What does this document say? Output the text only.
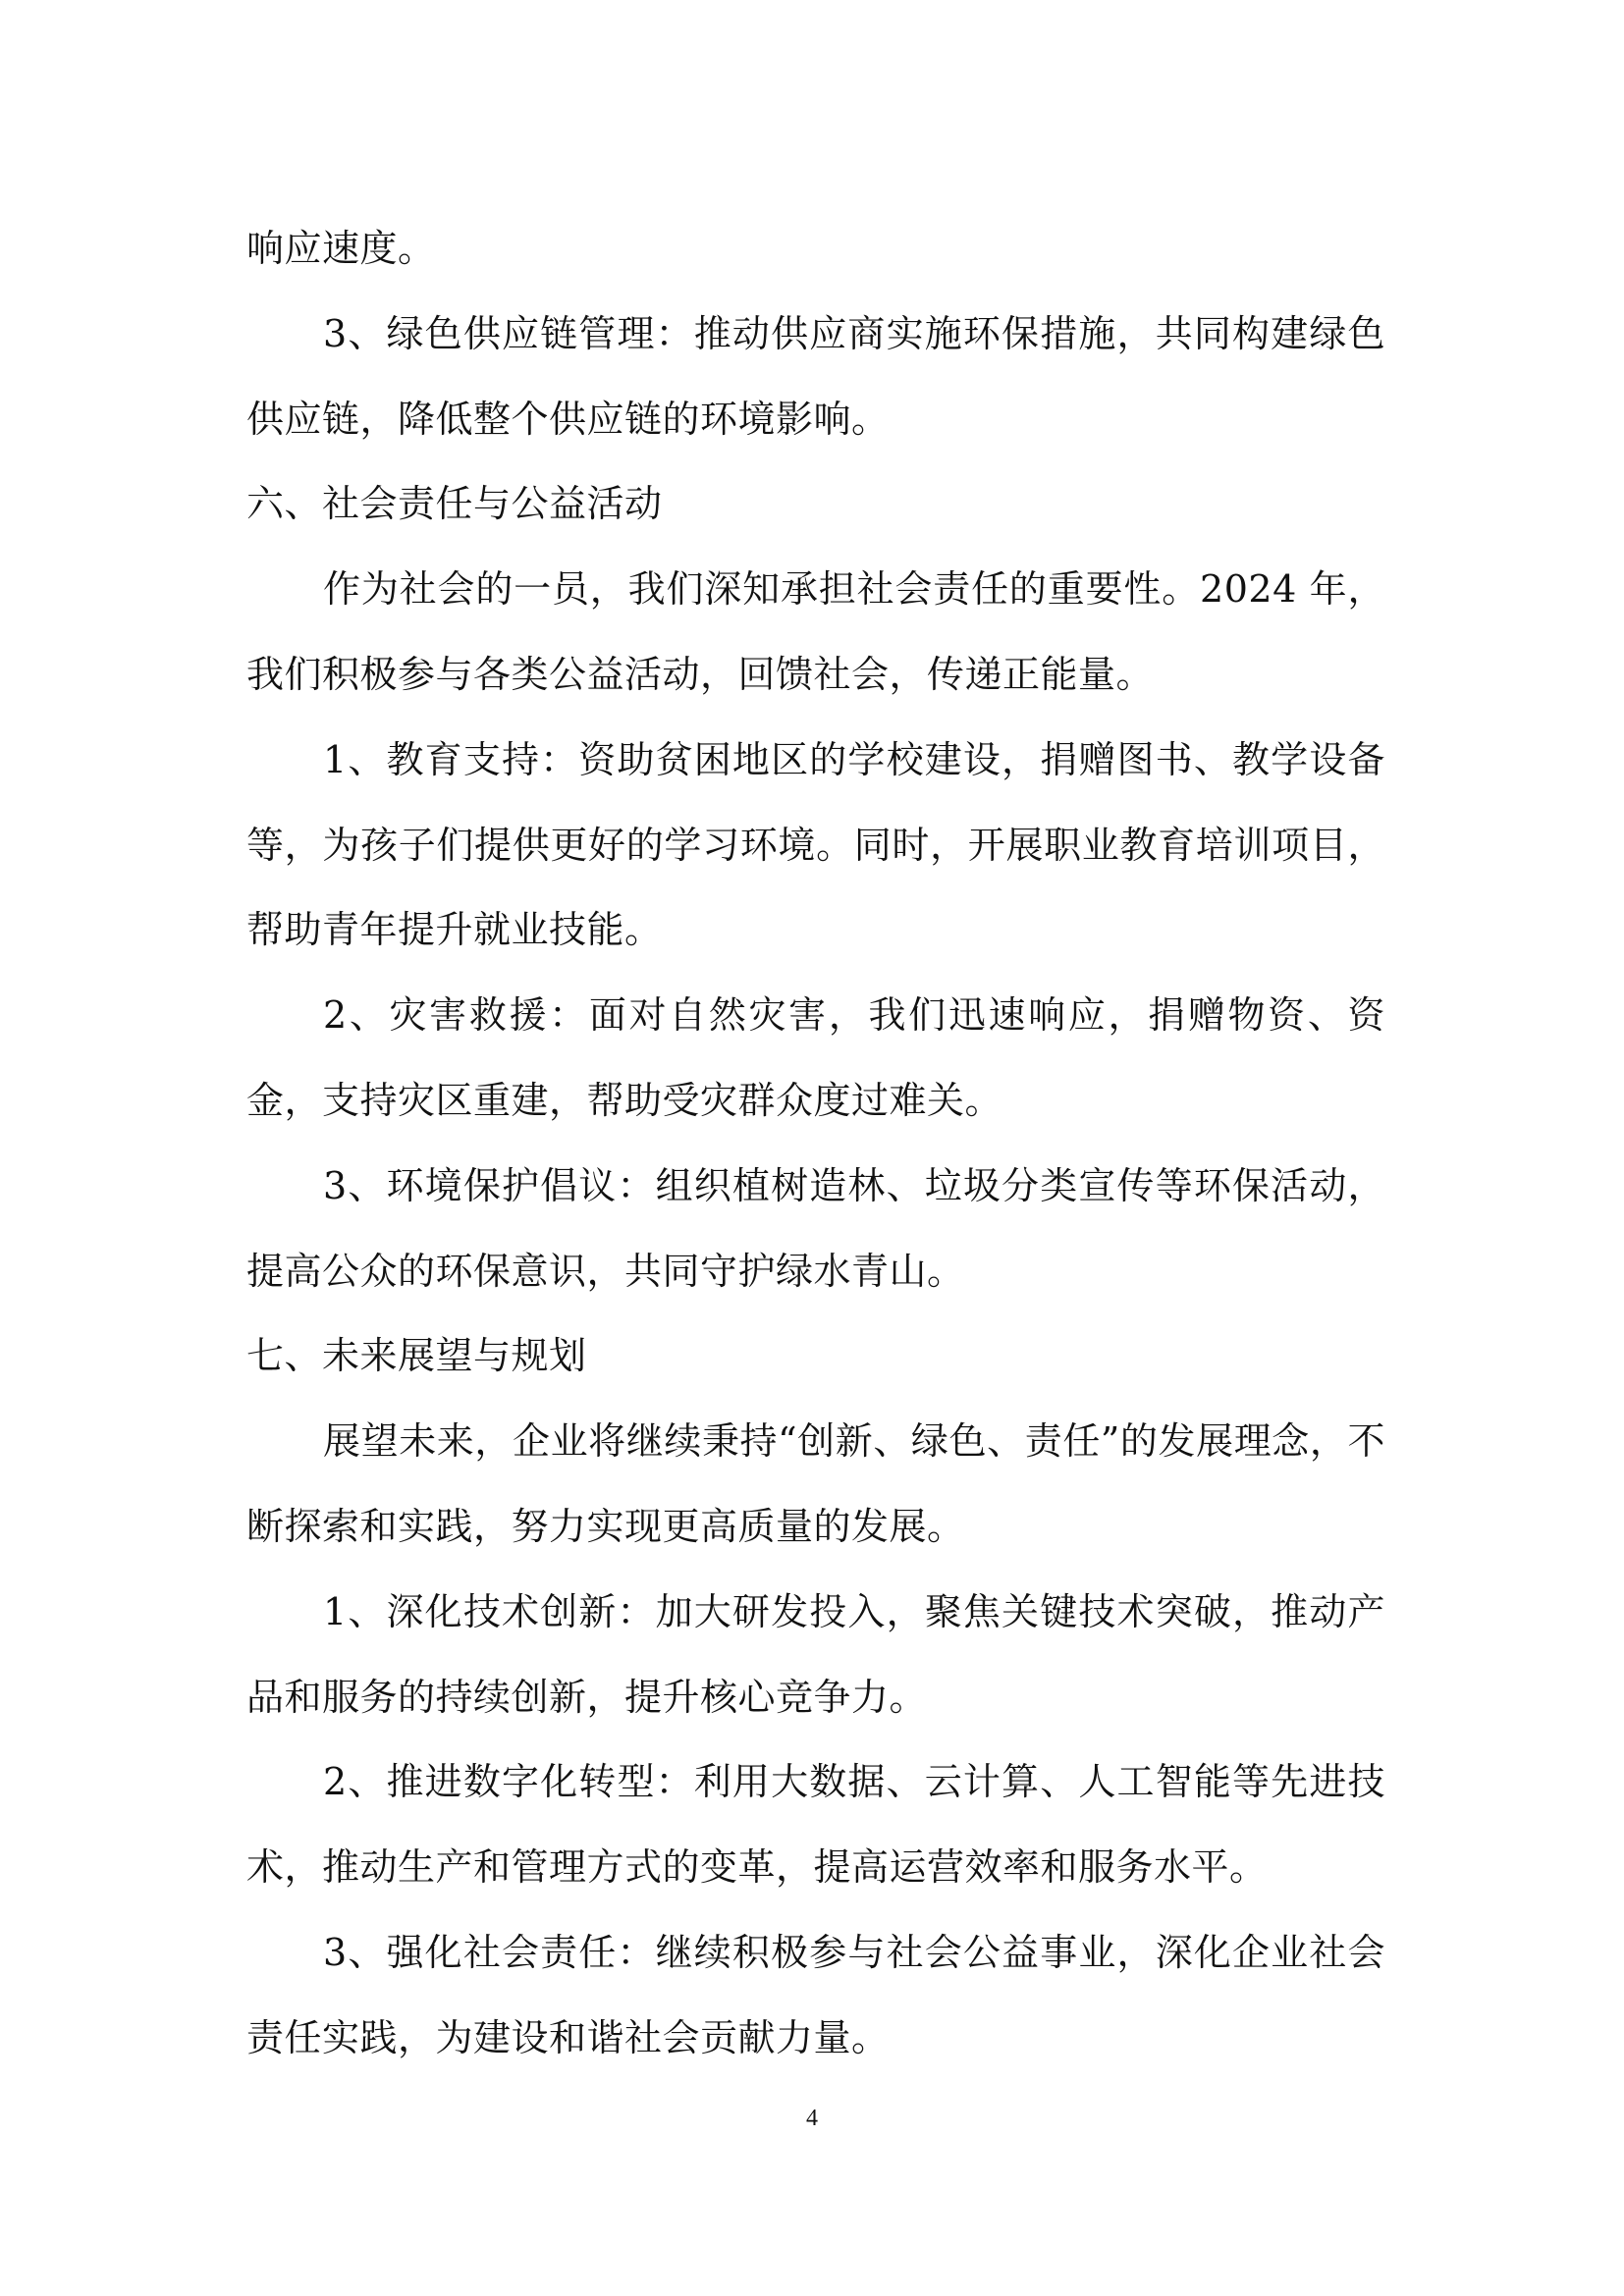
响应速度。

3、绿色供应链管理：推动供应商实施环保措施，共同构建绿色供应链，降低整个供应链的环境影响。

六、社会责任与公益活动

作为社会的一员，我们深知承担社会责任的重要性。2024 年，我们积极参与各类公益活动，回馈社会，传递正能量。

1、教育支持：资助贫困地区的学校建设，捐赠图书、教学设备等，为孩子们提供更好的学习环境。同时，开展职业教育培训项目，帮助青年提升就业技能。

2、灾害救援：面对自然灾害，我们迅速响应，捐赠物资、资金，支持灾区重建，帮助受灾群众度过难关。

3、环境保护倡议：组织植树造林、垃圾分类宣传等环保活动，提高公众的环保意识，共同守护绿水青山。

七、未来展望与规划

展望未来，企业将继续秉持“创新、绿色、责任”的发展理念，不断探索和实践，努力实现更高质量的发展。

1、深化技术创新：加大研发投入，聚焦关键技术突破，推动产品和服务的持续创新，提升核心竞争力。

2、推进数字化转型：利用大数据、云计算、人工智能等先进技术，推动生产和管理方式的变革，提高运营效率和服务水平。

3、强化社会责任：继续积极参与社会公益事业，深化企业社会责任实践，为建设和谐社会贡献力量。

4
